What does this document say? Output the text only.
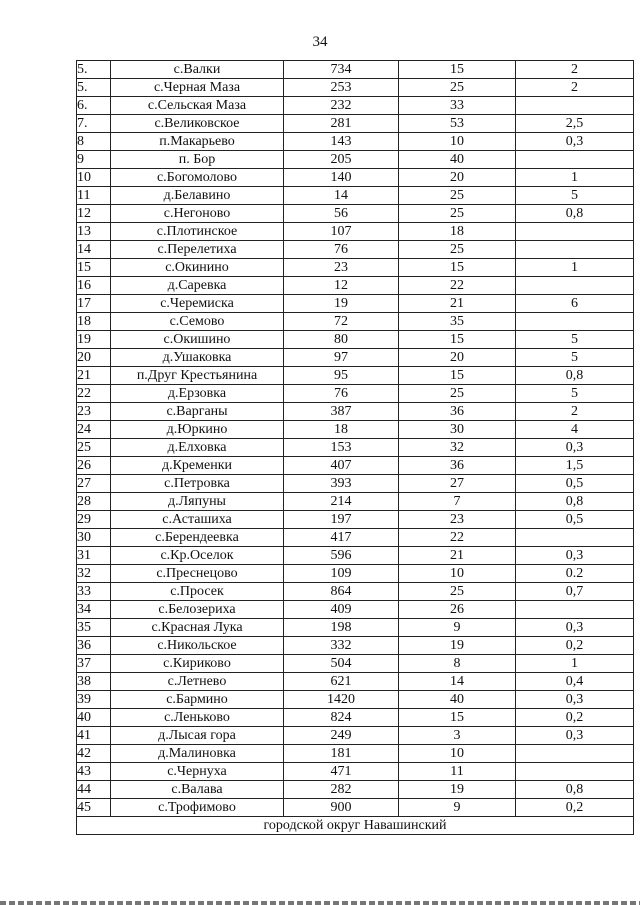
34
5.	с.Валки	734	15	2
5.	с.Черная Маза	253	25	2
6.	с.Сельская Маза	232	33	
7.	с.Великовское	281	53	2,5
8	п.Макарьево	143	10	0,3
9	п. Бор	205	40	
10	с.Богомолово	140	20	1
11	д.Белавино	14	25	5
12	с.Негоново	56	25	0,8
13	с.Плотинское	107	18	
14	с.Перелетиха	76	25	
15	с.Окинино	23	15	1
16	д.Саревка	12	22	
17	с.Черемиска	19	21	6
18	с.Семово	72	35	
19	с.Окишино	80	15	5
20	д.Ушаковка	97	20	5
21	п.Друг Крестьянина	95	15	0,8
22	д.Ерзовка	76	25	5
23	с.Варганы	387	36	2
24	д.Юркино	18	30	4
25	д.Елховка	153	32	0,3
26	д.Кременки	407	36	1,5
27	с.Петровка	393	27	0,5
28	д.Ляпуны	214	7	0,8
29	с.Асташиха	197	23	0,5
30	с.Берендеевка	417	22	
31	с.Кр.Оселок	596	21	0,3
32	с.Преснецово	109	10	0.2
33	с.Просек	864	25	0,7
34	с.Белозериха	409	26	
35	с.Красная Лука	198	9	0,3
36	с.Никольское	332	19	0,2
37	с.Кириково	504	8	1
38	с.Летнево	621	14	0,4
39	с.Бармино	1420	40	0,3
40	с.Леньково	824	15	0,2
41	д.Лысая гора	249	3	0,3
42	д.Малиновка	181	10	
43	с.Чернуха	471	11	
44	с.Валава	282	19	0,8
45	с.Трофимово	900	9	0,2
городской округ Навашинский				
